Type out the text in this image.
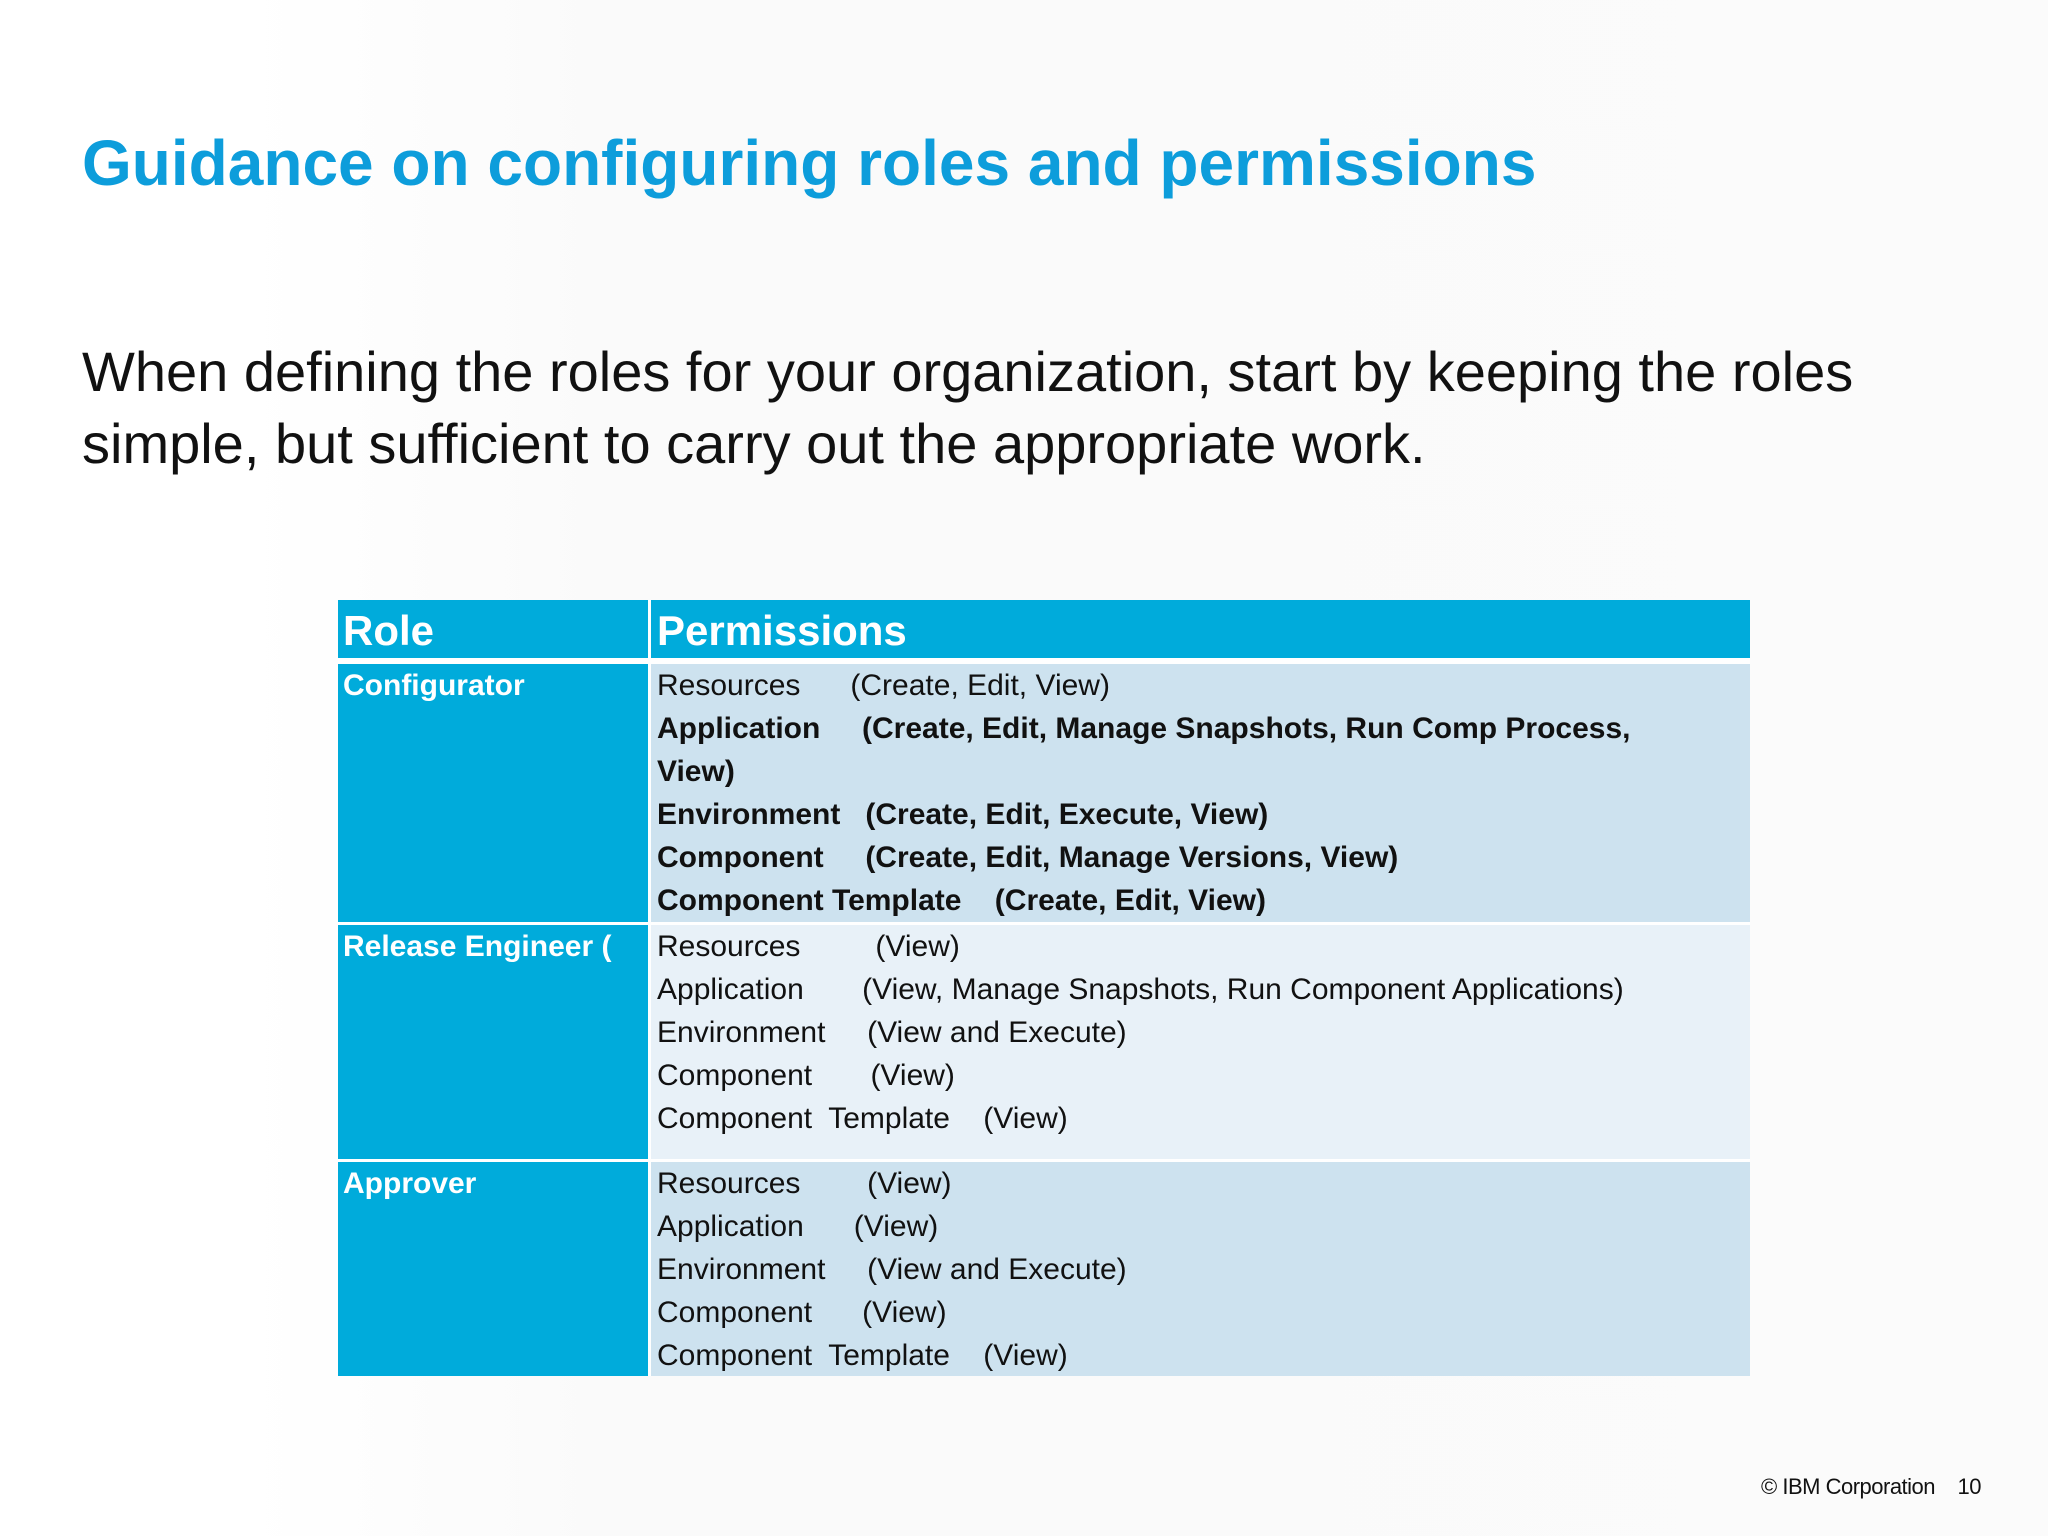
Guidance on configuring roles and permissions
When defining the roles for your organization, start by keeping the roles simple, but sufficient to carry out the appropriate work.
Role	Permissions
Configurator	Resources      (Create, Edit, View)
Application     (Create, Edit, Manage Snapshots, Run Comp Process,
View)
Environment   (Create, Edit, Execute, View)
Component     (Create, Edit, Manage Versions, View)
Component Template    (Create, Edit, View)
Release Engineer (	Resources         (View)
Application       (View, Manage Snapshots, Run Component Applications)
Environment     (View and Execute)
Component       (View)
Component  Template    (View)
Approver	Resources        (View)
Application      (View)
Environment     (View and Execute)
Component      (View)
Component  Template    (View)
© IBM Corporation 10
